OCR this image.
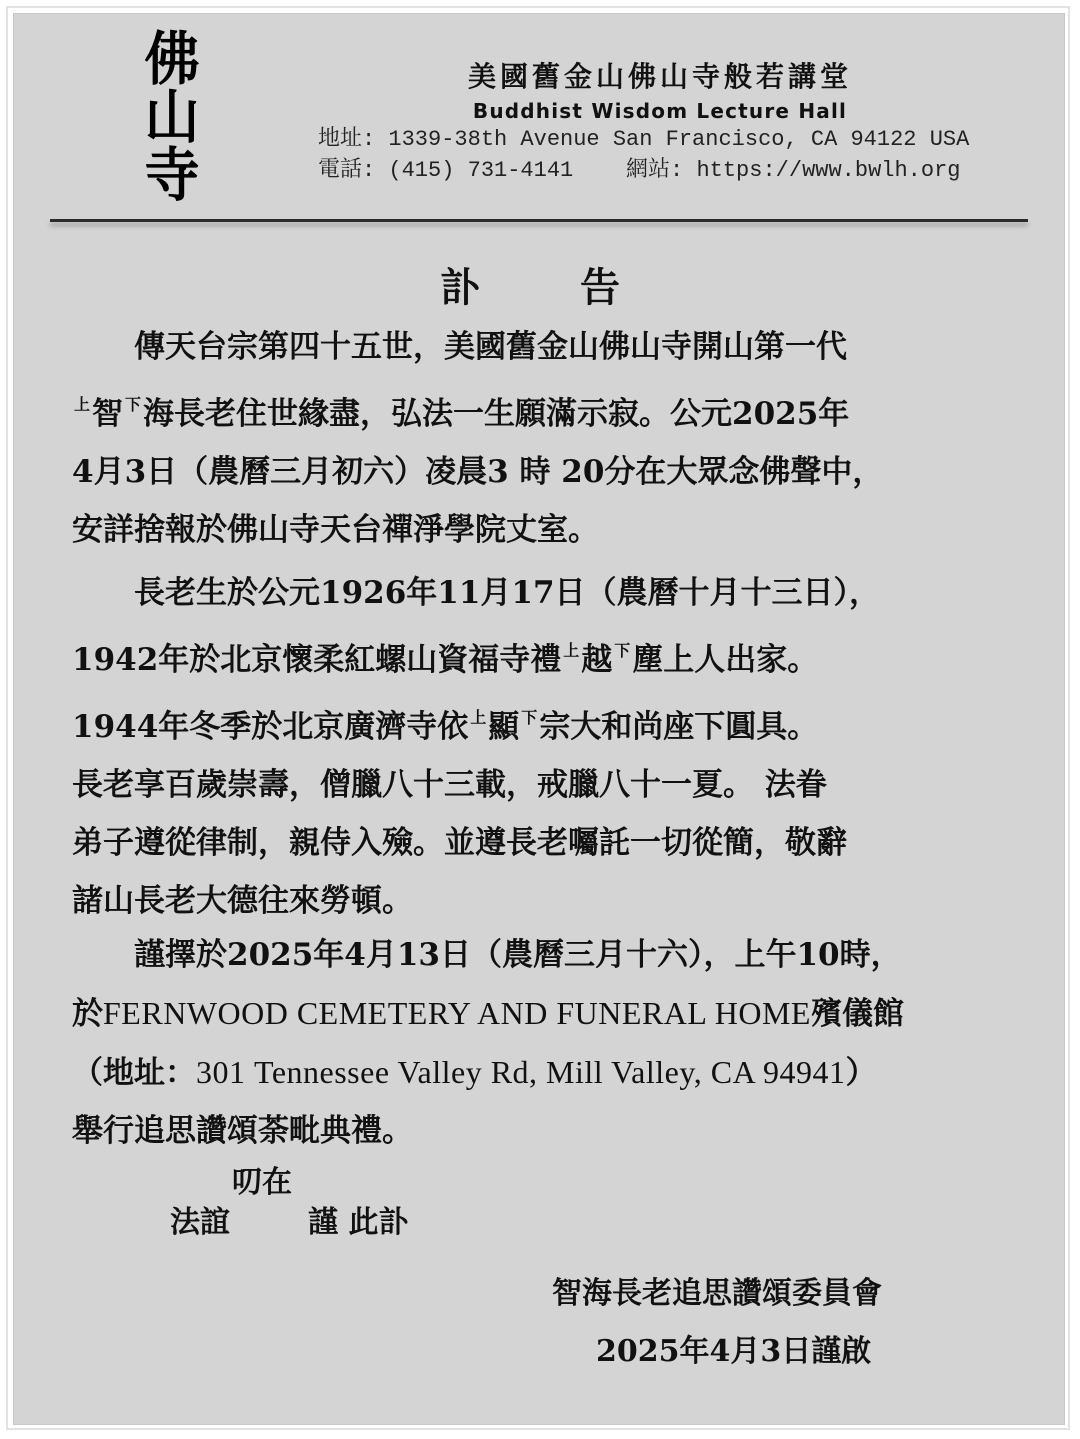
佛
山
寺
美國舊金山佛山寺般若講堂
Buddhist Wisdom Lecture Hall
地址: 1339-38th Avenue San Francisco, CA 94122 USA
電話: (415) 731-4141    網站: https://www.bwlh.org
訃告
傳天台宗第四十五世，美國舊金山佛山寺開山第一代
$^上$智 $^下$海長老住世緣盡，弘法一生願滿示寂。公元2025年
4月3日（農曆三月初六）凌晨3 時 20分在大眾念佛聲中，
安詳捨報於佛山寺天台禪淨學院丈室。
長老生於公元1926年11月17日（農曆十月十三日），
1942年於北京懷柔紅螺山資福寺禮 $^上$越 $^下$塵上人出家。
1944年冬季於北京廣濟寺依 $^上$顯 $^下$宗大和尚座下圓具。
長老享百歲崇壽，僧臘八十三載，戒臘八十一夏。 法眷
弟子遵從律制，親侍入殮。並遵長老囑託一切從簡，敬辭
諸山長老大德往來勞頓。
謹擇於2025年4月13日（農曆三月十六），上午10時，
於FERNWOOD CEMETERY AND FUNERAL HOME殯儀館
（地址：301 Tennessee Valley Rd, Mill Valley, CA 94941）
舉行追思讚頌荼毗典禮。
叨在
法誼	謹 此訃
智海長老追思讚頌委員會
2025年4月3日謹啟
